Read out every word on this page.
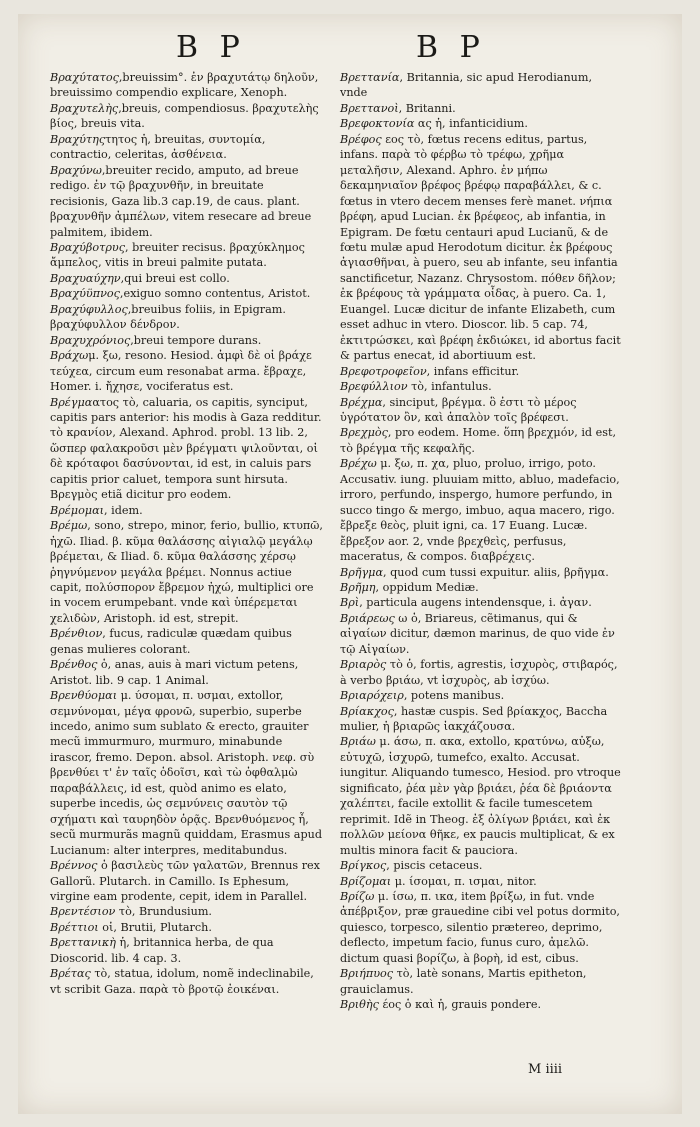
B P	B P
Βραχύτατος,breuissim°. ἐν βραχυτάτῳ δηλοῦν, breuissimo compendio explicare, Xenoph.
Βραχυτελὴς,breuis, compendiosus. βραχυτελὴς βίος, breuis vita.
Βραχύτηςτητος ἡ, breuitas, συντομία, contractio, celeritas, ἀσθένεια.
Βραχύνω,breuiter recido, amputo, ad breue redigo. ἐν τῷ βραχυνθῆν, in breuitate recisionis, Gaza lib.3 cap.19, de caus. plant. βραχυνθῆν ἀμπέλων, vitem resecare ad breue palmitem, ibidem.
Βραχύβοτρυς, breuiter recisus. βραχύκλημος ἄμπελος, vitis in breui palmite putata.
Βραχυαύχην,qui breui est collo.
Βραχύϋπνος,exiguo somno contentus, Aristot.
Βραχύφυλλος,breuibus foliis, in Epigram. βραχύφυλλον δένδρον.
Βραχυχρόνιος,breui tempore durans.
Βράχωμ. ξω, resono. Hesiod. ἀμφὶ δὲ οἱ βράχε τεύχεα, circum eum resonabat arma. ἔβραχε, Homer. i. ἤχησε, vociferatus est.
Βρέγμαατος τὸ, caluaria, os capitis, synciput, capitis pars anterior: his modis à Gaza redditur. τὸ κρανίον, Alexand. Aphrod. probl. 13 lib. 2, ὥσπερ φαλακροῦσι μὲν βρέγματι ψιλοῦνται, οἱ δὲ κρόταφοι δασύνονται, id est, in caluis pars capitis prior caluet, tempora sunt hirsuta. Βρεγμὸς etiã dicitur pro eodem.
Βρέμομαι, idem.
Βρέμω, sono, strepo, minor, ferio, bullio, κτυπῶ, ἠχῶ. Iliad. β. κῦμα θαλάσσης αἰγιαλῷ μεγάλῳ βρέμεται, & Iliad. δ. κῦμα θαλάσσης χέρσῳ ῥηγνύμενον μεγάλα βρέμει. Nonnus actiue capit, πολύσπορον ἔβρεμον ἠχώ, multiplici ore in vocem erumpebant. vnde καὶ ὑπέρεμεται χελιδὼν, Aristoph. id est, strepit.
Βρένθιον, fucus, radiculæ quædam quibus genas mulieres colorant.
Βρένθος ὁ, anas, auis à mari victum petens, Aristot. lib. 9 cap. 1 Animal.
Βρενθύομαι μ. ύσομαι, π. υσμαι, extollor, σεμνύνομαι, μέγα φρονῶ, superbio, superbe incedo, animo sum sublato & erecto, grauiter mecũ immurmuro, murmuro, minabunde irascor, fremo. Depon. absol. Aristoph. νεφ. σὺ βρενθύει τ' ἐν ταῖς ὁδοῖσι, καὶ τὼ ὀφθαλμὼ παραβάλλεις, id est, quòd animo es elato, superbe incedis, ὡς σεμνύνεις σαυτὸν τῷ σχήματι καὶ ταυρηδὸν ὁρᾷς. Βρενθυόμενος ἦ, secũ murmurãs magnũ quiddam, Erasmus apud Lucianum: alter interpres, meditabundus.
Βρέννος ὁ βασιλεὺς τῶν γαλατῶν, Brennus rex Gallorũ. Plutarch. in Camillo. Is Ephesum, virgine eam prodente, cepit, idem in Parallel.
Βρεντέσιον τὸ, Brundusium.
Βρέττιοι οἱ, Brutii, Plutarch.
Βρεττανικὴ ἡ, britannica herba, de qua Dioscorid. lib. 4 cap. 3.
Βρέτας τὸ, statua, idolum, nomẽ indeclinabile, vt scribit Gaza. παρὰ τὸ βροτῷ ἐοικέναι.
Βρεττανία, Britannia, sic apud Herodianum, vnde
Βρεττανοὶ, Britanni.
Βρεφοκτονία ας ἡ, infanticidium.
Βρέφος εος τὸ, fœtus recens editus, partus, infans. παρὰ τὸ φέρβω τὸ τρέφω, χρῆμα μεταλῆσιν, Alexand. Aphro. ἐν μήπω δεκαμηνιαῖον βρέφος βρέφῳ παραβάλλει, & c. fœtus in vtero decem menses ferè manet. νήπια βρέφη, apud Lucian. ἐκ βρέφεος, ab infantia, in Epigram. De fœtu centauri apud Lucianũ, & de fœtu mulæ apud Herodotum dicitur. ἐκ βρέφους ἀγιασθῆναι, à puero, seu ab infante, seu infantia sanctificetur, Nazanz. Chrysostom. πόθεν δῆλον; ἐκ βρέφους τὰ γράμματα οἶδας, à puero. Ca. 1, Euangel. Lucæ dicitur de infante Elizabeth, cum esset adhuc in vtero. Dioscor. lib. 5 cap. 74, ἐκτιτρώσκει, καὶ βρέφη ἐκδιώκει, id abortus facit & partus enecat, id abortiuum est.
Βρεφοτροφεῖον, infans efficitur.
Βρεφύλλιον τὸ, infantulus.
Βρέχμα, sinciput, βρέγμα. ὃ ἐστι τὸ μέρος ὑγρότατον ὂν, καὶ ἁπαλὸν τοῖς βρέφεσι.
Βρεχμὸς, pro eodem. Home. ὅπη βρεχμόν, id est, τὸ βρέγμα τῆς κεφαλῆς.
Βρέχω μ. ξω, π. χα, pluo, proluo, irrigo, poto. Accusativ. iung. pluuiam mitto, abluo, madefacio, irroro, perfundo, inspergo, humore perfundo, in succo tingo & mergo, imbuo, aqua macero, rigo. ἔβρεξε θεὸς, pluit igni, ca. 17 Euang. Lucæ. ἔβρεξον aor. 2, vnde βρεχθεὶς, perfusus, maceratus, & compos. διαβρέχεις.
Βρῆγμα, quod cum tussi expuitur. aliis, βρῆγμα.
Βρῆμη, oppidum Mediæ.
Βρὶ, particula augens intendensque, i. ἀγαν.
Βριάρεως ω ὁ, Briareus, cẽtimanus, qui & αἰγαίων dicitur, dæmon marinus, de quo vide ἐν τῷ Αἰγαίων.
Βριαρὸς τὸ ὁ, fortis, agrestis, ἰσχυρὸς, στιβαρός, à verbo βριάω, vt ἰσχυρὸς, ab ἰσχύω.
Βριαρόχειρ, potens manibus.
Βρίακχος, hastæ cuspis. Sed βρίακχος, Baccha mulier, ἡ βριαρῶς ἰακχάζουσα.
Βριάω μ. άσω, π. ακα, extollo, κρατύνω, αὐξω, εὐτυχῶ, ἰσχυρῶ, tumefco, exalto. Accusat. iungitur. Aliquando tumesco, Hesiod. pro vtroque significato, ῥέα μὲν γὰρ βριάει, ῥέα δὲ βριάοντα χαλέπτει, facile extollit & facile tumescetem reprimit. Idẽ in Theog. ἐξ ὀλίγων βριάει, καὶ ἐκ πολλῶν μείονα θῆκε, ex paucis multiplicat, & ex multis minora facit & pauciora.
Βρίγκος, piscis cetaceus.
Βρίζομαι μ. ίσομαι, π. ισμαι, nitor.
Βρίζω μ. ίσω, π. ικα, item βρίξω, in fut. vnde ἀπέβριξον, præ grauedine cibi vel potus dormito, quiesco, torpesco, silentio prætereo, deprimo, deflecto, impetum facio, funus curo, ἀμελῶ. dictum quasi βορίζω, à βορὴ, id est, cibus.
Βριήπυος τὸ, latè sonans, Martis epitheton, grauiclamus.
Βριθὴς έος ὁ καὶ ἡ, grauis pondere.
M iiii
